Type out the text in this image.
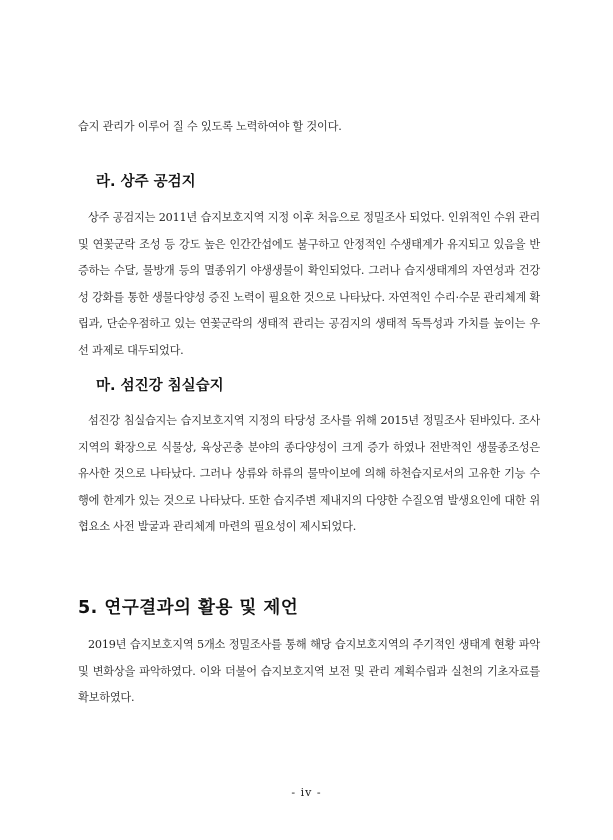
습지 관리가 이루어 질 수 있도록 노력하여야 할 것이다.

라. 상주 공검지

상주 공검지는 2011년 습지보호지역 지정 이후 처음으로 정밀조사 되었다. 인위적인 수위 관리 및 연꽃군락 조성 등 강도 높은 인간간섭에도 불구하고 안정적인 수생태계가 유지되고 있음을 반증하는 수달, 물방개 등의 멸종위기 야생생물이 확인되었다. 그러나 습지생태계의 자연성과 건강성 강화를 통한 생물다양성 증진 노력이 필요한 것으로 나타났다. 자연적인 수리·수문 관리체계 확립과, 단순우점하고 있는 연꽃군락의 생태적 관리는 공검지의 생태적 독특성과 가치를 높이는 우선 과제로 대두되었다.

마. 섬진강 침실습지

섬진강 침실습지는 습지보호지역 지정의 타당성 조사를 위해 2015년 정밀조사 된바있다. 조사지역의 확장으로 식물상, 육상곤충 분야의 종다양성이 크게 증가 하였나 전반적인 생물종조성은 유사한 것으로 나타났다. 그러나 상류와 하류의 물막이보에 의해 하천습지로서의 고유한 기능 수행에 한계가 있는 것으로 나타났다. 또한 습지주변 제내지의 다양한 수질오염 발생요인에 대한 위협요소 사전 발굴과 관리체계 마련의 필요성이 제시되었다.

5. 연구결과의 활용 및 제언

2019년 습지보호지역 5개소 정밀조사를 통해 해당 습지보호지역의 주기적인 생태계 현황 파악 및 변화상을 파악하였다. 이와 더불어 습지보호지역 보전 및 관리 계획수립과 실천의 기초자료를 확보하였다.

- iv -
